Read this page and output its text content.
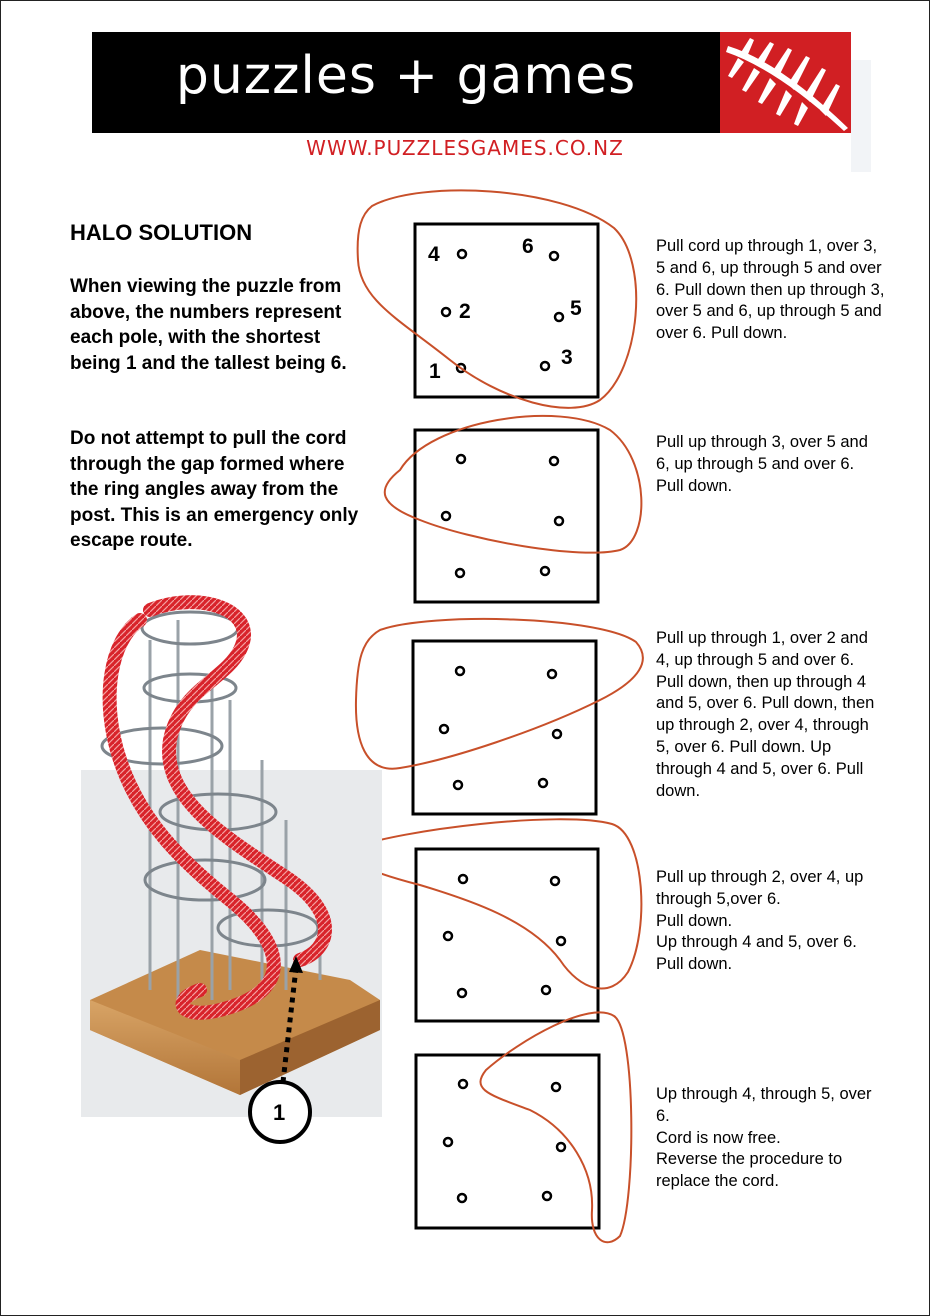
puzzles + games
WWW.PUZZLESGAMES.CO.NZ
HALO SOLUTION

When viewing the puzzle from above, the numbers represent each pole, with the shortest being 1 and the tallest being 6.

Do not attempt to pull the cord through the gap formed where the ring angles away from the post. This is an emergency only escape route.

Pull cord up through 1, over 3, 5 and 6, up through 5 and over 6. Pull down then up through 3, over 5 and 6, up through 5 and over 6. Pull down.

Pull up through 3, over 5 and 6, up through 5 and over 6.
Pull down.

Pull up through 1, over 2 and 4, up through 5 and over 6. Pull down, then up through 4 and 5, over 6. Pull down, then up through 2, over 4, through 5, over 6. Pull down. Up through 4 and 5, over 6. Pull down.

Pull up through 2, over 4, up through 5,over 6.
Pull down.
Up through 4 and 5, over 6.
Pull down.

Up through 4, through 5, over 6.
Cord is now free.
Reverse the procedure to replace the cord.

4	6
2	5
1
3
1
